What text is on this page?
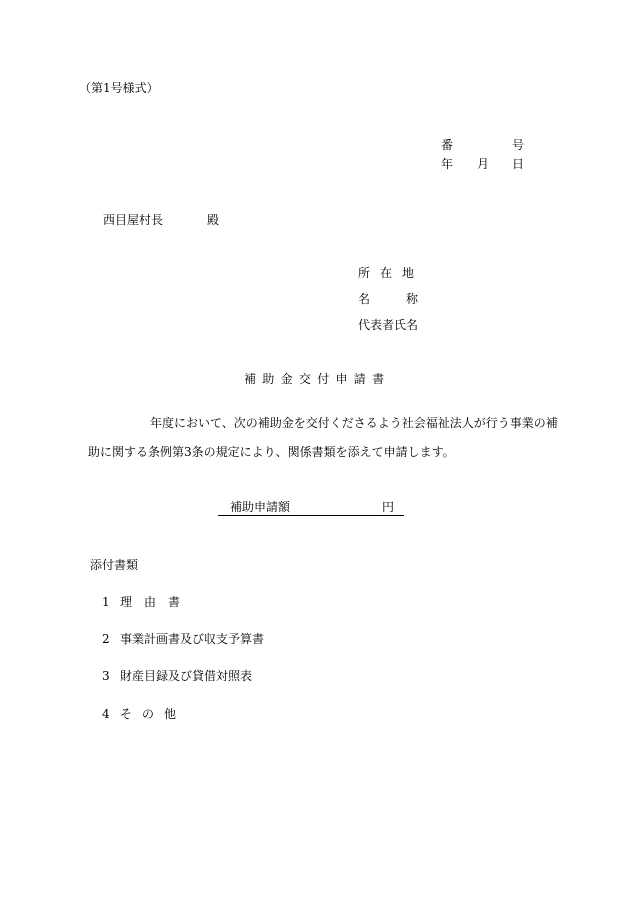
（第1号様式）
番	号
年 月 日
西目屋村長	殿
所在地
名	称
代表者氏名
補助金交付申請書
年度において、次の補助金を交付くださるよう社会福祉法人が行う事業の補
助に関する条例第3条の規定により、関係書類を添えて申請します。
補助申請額	円
添付書類
1 理由書
2 事業計画書及び収支予算書
3 財産目録及び貸借対照表
4 その他
